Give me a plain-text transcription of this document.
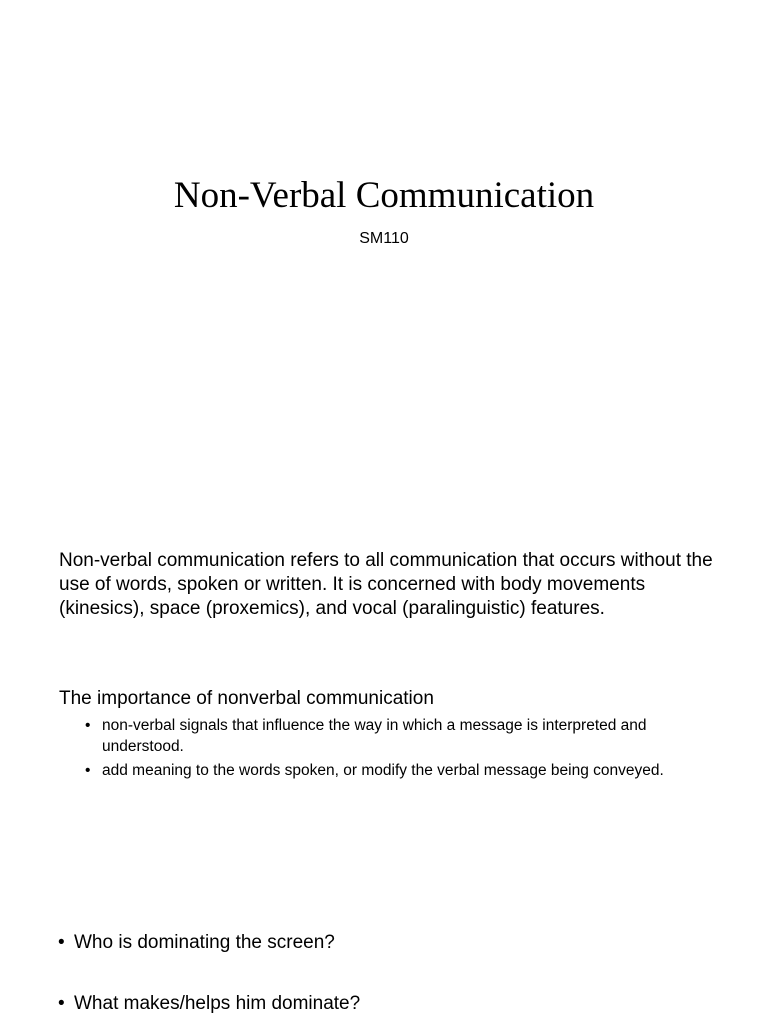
Non-Verbal Communication
SM110

Non-verbal communication refers to all communication that occurs without the use of words, spoken or written. It is concerned with body movements (kinesics), space (proxemics), and vocal (paralinguistic) features.

The importance of nonverbal communication
• non-verbal signals that influence the way in which a message is interpreted and understood.
• add meaning to the words spoken, or modify the verbal message being conveyed.
• Who is dominating the screen?
• What makes/helps him dominate?
